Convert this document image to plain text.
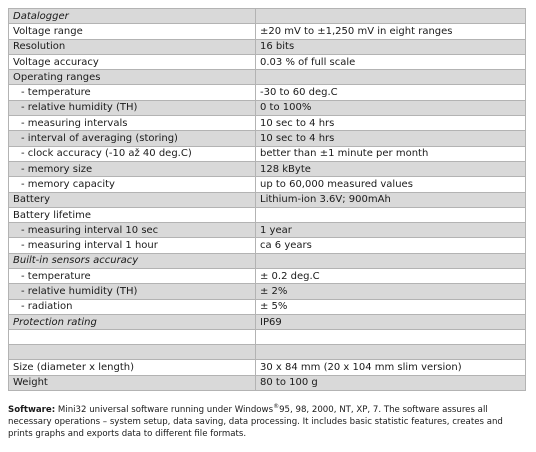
Datalogger	
Voltage range	±20 mV to ±1,250 mV in eight ranges
Resolution	16 bits
Voltage accuracy	0.03 % of full scale
Operating ranges	
- temperature	-30 to 60 deg.C
- relative humidity (TH)	0 to 100%
- measuring intervals	10 sec to 4 hrs
- interval of averaging (storing)	10 sec to 4 hrs
- clock accuracy (-10 až 40 deg.C)	better than ±1 minute per month
- memory size	128 kByte
- memory capacity	up to 60,000 measured values
Battery	Lithium-ion 3.6V; 900mAh
Battery lifetime	
- measuring interval 10 sec	1 year
- measuring interval 1 hour	ca 6 years
Built-in sensors accuracy	
- temperature	± 0.2 deg.C
- relative humidity (TH)	± 2%
- radiation	± 5%
Protection rating	IP69

Size (diameter x length)	30 x 84 mm (20 x 104 mm slim version)
Weight	80 to 100 g
Software: Mini32 universal software running under Windows®95, 98, 2000, NT, XP, 7. The software assures all necessary operations – system setup, data saving, data processing. It includes basic statistic features, creates and prints graphs and exports data to different file formats.
